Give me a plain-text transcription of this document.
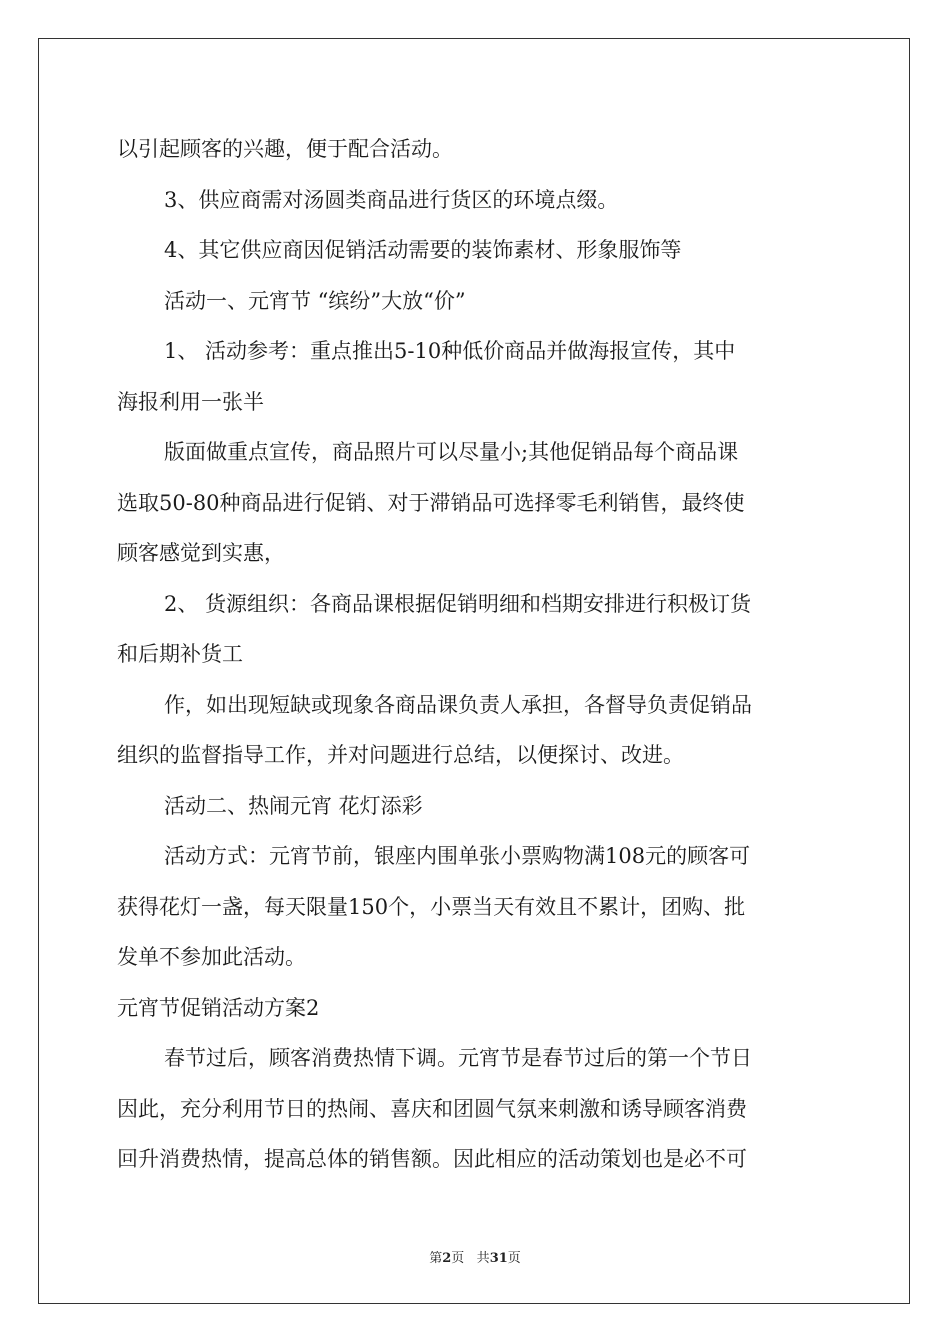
以引起顾客的兴趣，便于配合活动。

3、供应商需对汤圆类商品进行货区的环境点缀。

4、其它供应商因促销活动需要的装饰素材、形象服饰等

活动一、元宵节 “缤纷”大放“价”

1、 活动参考：重点推出5-10种低价商品并做海报宣传，其中

海报利用一张半

版面做重点宣传，商品照片可以尽量小;其他促销品每个商品课

选取50-80种商品进行促销、对于滞销品可选择零毛利销售，最终使

顾客感觉到实惠，

2、 货源组织：各商品课根据促销明细和档期安排进行积极订货

和后期补货工

作，如出现短缺或现象各商品课负责人承担，各督导负责促销品

组织的监督指导工作，并对问题进行总结，以便探讨、改进。

活动二、热闹元宵 花灯添彩

活动方式：元宵节前，银座内围单张小票购物满108元的顾客可

获得花灯一盏，每天限量150个，小票当天有效且不累计，团购、批

发单不参加此活动。

元宵节促销活动方案2

春节过后，顾客消费热情下调。元宵节是春节过后的第一个节日

因此，充分利用节日的热闹、喜庆和团圆气氛来刺激和诱导顾客消费

回升消费热情，提高总体的销售额。因此相应的活动策划也是必不可

第2页 共31页
